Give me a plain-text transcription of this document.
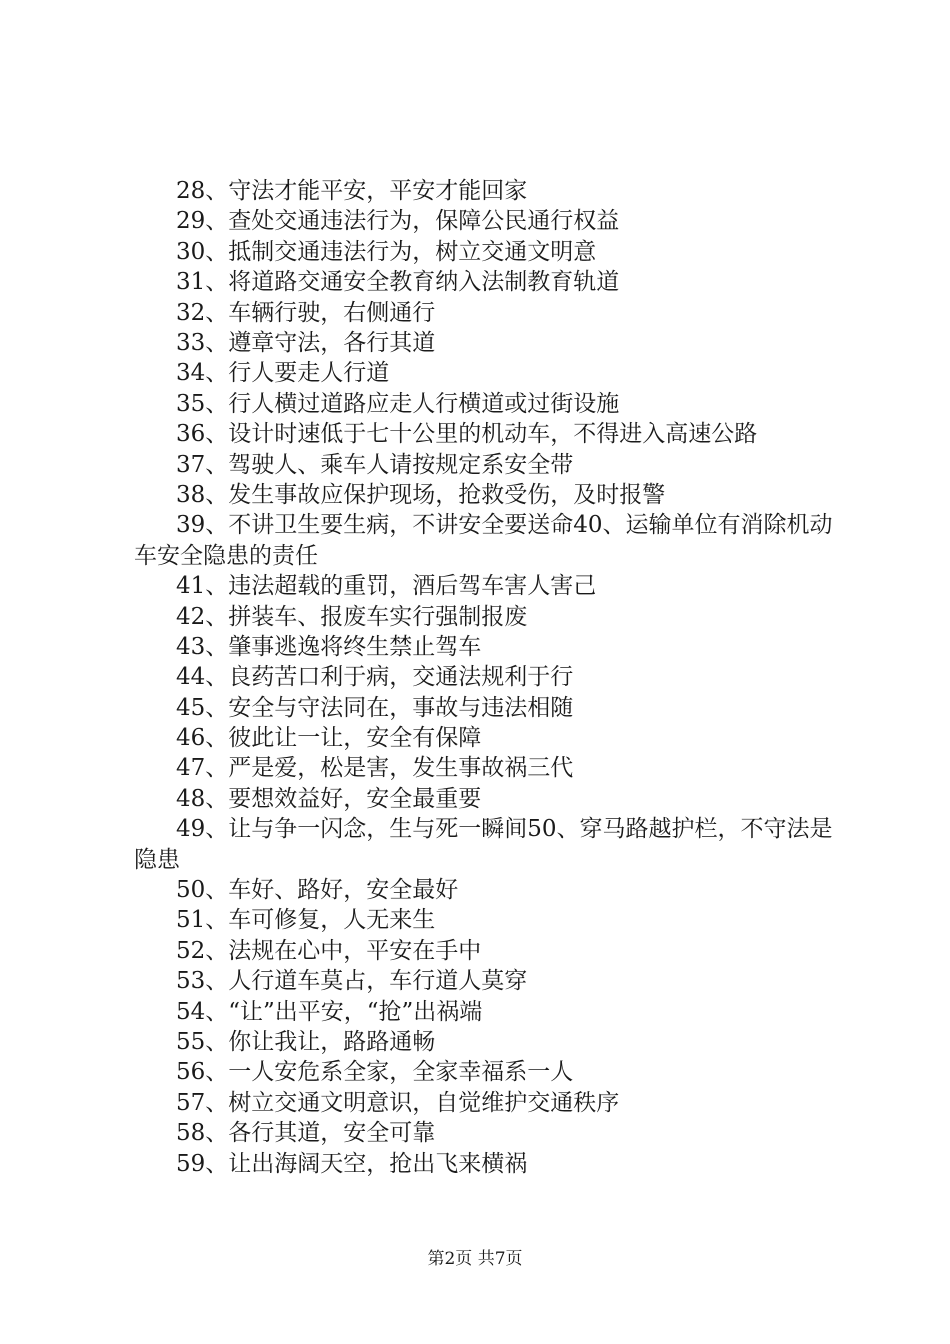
28、守法才能平安，平安才能回家
29、查处交通违法行为，保障公民通行权益
30、抵制交通违法行为，树立交通文明意
31、将道路交通安全教育纳入法制教育轨道
32、车辆行驶，右侧通行
33、遵章守法，各行其道
34、行人要走人行道
35、行人横过道路应走人行横道或过街设施
36、设计时速低于七十公里的机动车，不得进入高速公路
37、驾驶人、乘车人请按规定系安全带
38、发生事故应保护现场，抢救受伤，及时报警
39、不讲卫生要生病，不讲安全要送命40、运输单位有消除机动车安全隐患的责任
41、违法超载的重罚，酒后驾车害人害己
42、拼装车、报废车实行强制报废
43、肇事逃逸将终生禁止驾车
44、良药苦口利于病，交通法规利于行
45、安全与守法同在，事故与违法相随
46、彼此让一让，安全有保障
47、严是爱，松是害，发生事故祸三代
48、要想效益好，安全最重要
49、让与争一闪念，生与死一瞬间50、穿马路越护栏，不守法是隐患
50、车好、路好，安全最好
51、车可修复，人无来生
52、法规在心中，平安在手中
53、人行道车莫占，车行道人莫穿
54、“让”出平安，“抢”出祸端
55、你让我让，路路通畅
56、一人安危系全家，全家幸福系一人
57、树立交通文明意识，自觉维护交通秩序
58、各行其道，安全可靠
59、让出海阔天空，抢出飞来横祸
第2页 共7页
